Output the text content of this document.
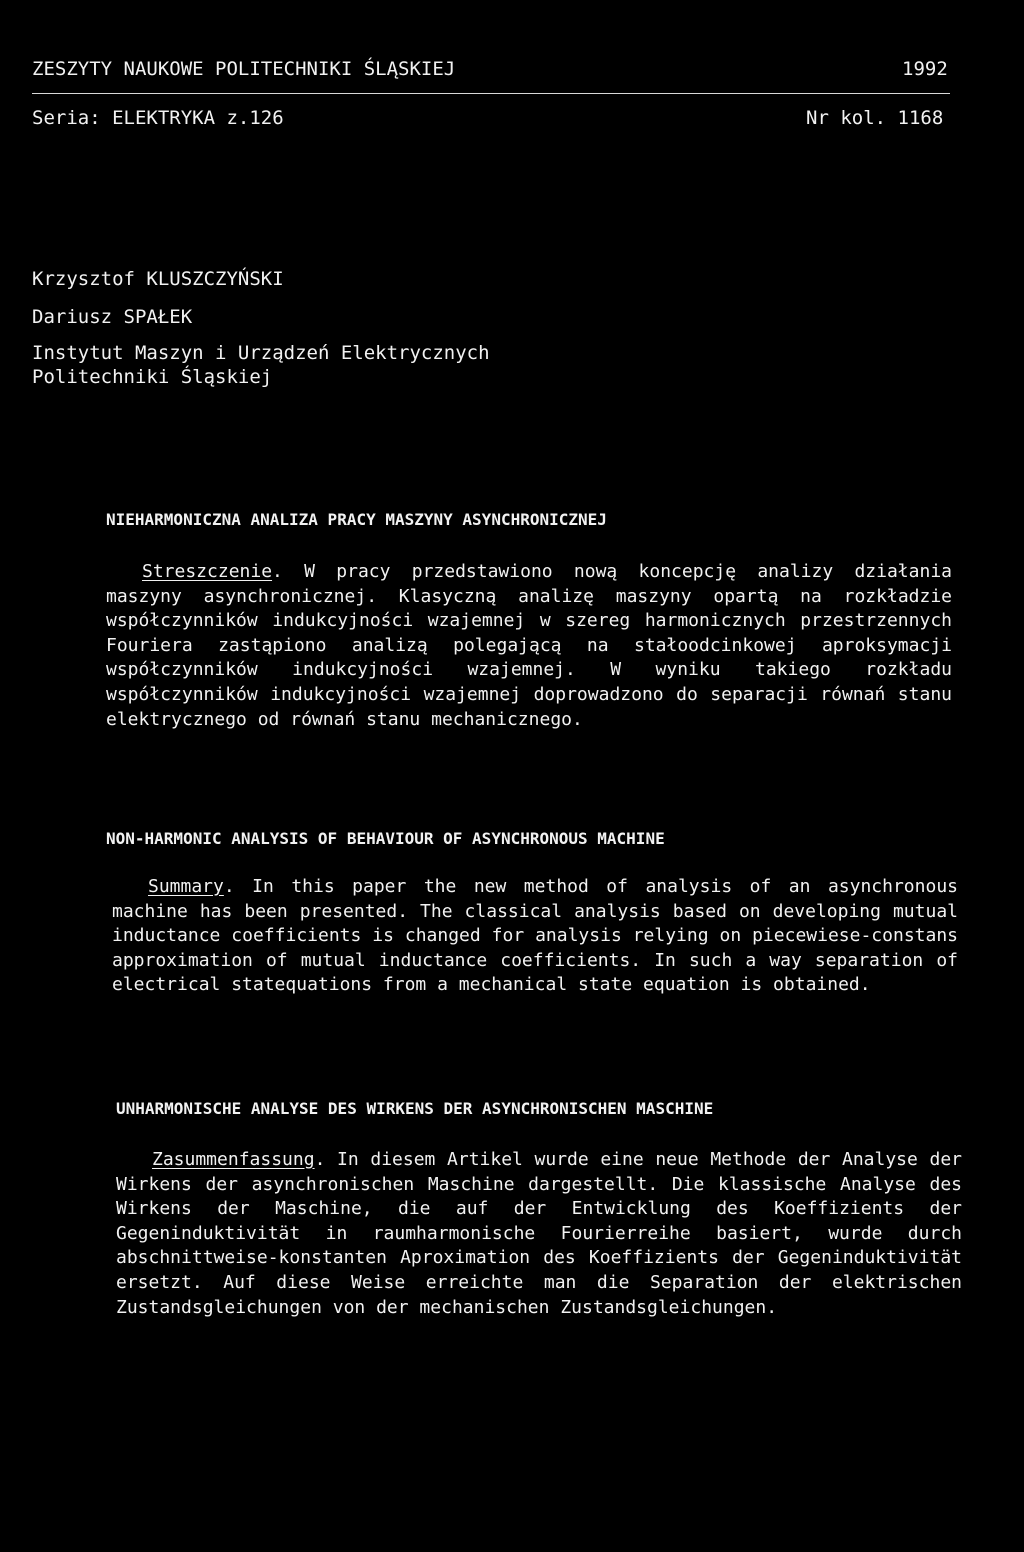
ZESZYTY NAUKOWE POLITECHNIKI ŚLĄSKIEJ	1992
Seria: ELEKTRYKA z.126	Nr kol. 1168
Krzysztof KLUSZCZYŃSKI
Dariusz SPAŁEK
Instytut Maszyn i Urządzeń Elektrycznych
Politechniki Śląskiej
NIEHARMONICZNA ANALIZA PRACY MASZYNY ASYNCHRONICZNEJ
Streszczenie. W pracy przedstawiono nową koncepcję analizy działania maszyny asynchronicznej. Klasyczną analizę maszyny opartą na rozkładzie współczynników indukcyjności wzajemnej w szereg harmonicznych przestrzennych Fouriera zastąpiono analizą polegającą na stałoodcinkowej aproksymacji współczynników indukcyjności wzajemnej. W wyniku takiego rozkładu współczynników indukcyjności wzajemnej doprowadzono do separacji równań stanu elektrycznego od równań stanu mechanicznego.
NON-HARMONIC ANALYSIS OF BEHAVIOUR OF ASYNCHRONOUS MACHINE
Summary. In this paper the new method of analysis of an asynchronous machine has been presented. The classical analysis based on developing mutual inductance coefficients is changed for analysis relying on piecewiese-constans approximation of mutual inductance coefficients. In such a way separation of electrical statequations from a mechanical state equation is obtained.
UNHARMONISCHE ANALYSE DES WIRKENS DER ASYNCHRONISCHEN MASCHINE
Zasummenfassung. In diesem Artikel wurde eine neue Methode der Analyse der Wirkens der asynchronischen Maschine dargestellt. Die klassische Analyse des Wirkens der Maschine, die auf der Entwicklung des Koeffizients der Gegeninduktivität in raumharmonische Fourierreihe basiert, wurde durch abschnittweise-konstanten Aproximation des Koeffizients der Gegeninduktivität ersetzt. Auf diese Weise erreichte man die Separation der elektrischen Zustandsgleichungen von der mechanischen Zustandsgleichungen.
